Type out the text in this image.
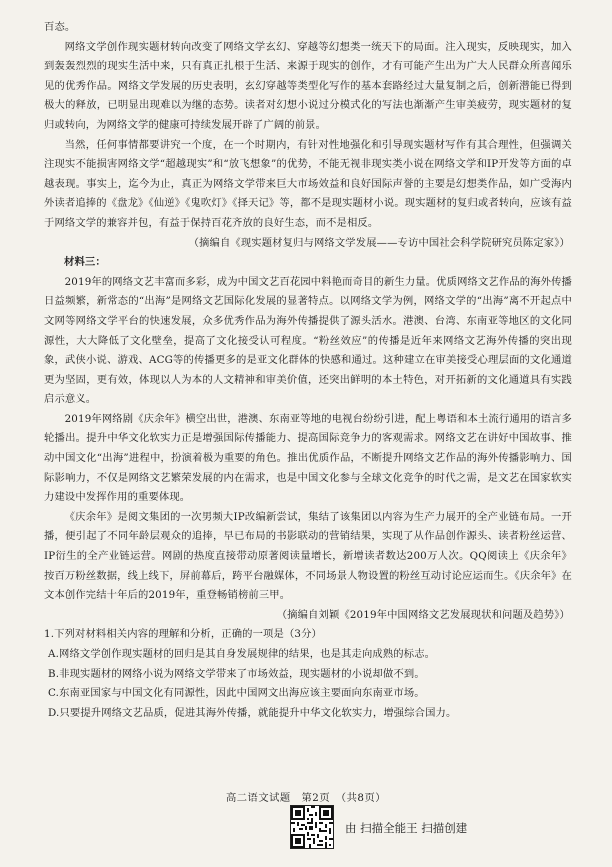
百态。

网络文学创作现实题材转向改变了网络文学玄幻、穿越等幻想类一统天下的局面。注入现实，反映现实，加入到轰轰烈烈的现实生活中来，只有真正扎根于生活、来源于现实的创作，才有可能产生出为广大人民群众所喜闻乐见的优秀作品。网络文学发展的历史表明，玄幻穿越等类型化写作的基本套路经过大量复制之后，创新潜能已得到极大的释放，已明显出现难以为继的态势。读者对幻想小说过分模式化的写法也渐渐产生审美疲劳，现实题材的复归或转向，为网络文学的健康可持续发展开辟了广阔的前景。

当然，任何事情都要讲究一个度，在一个时期内，有针对性地强化和引导现实题材写作有其合理性，但强调关注现实不能损害网络文学“超越现实”和“放飞想象”的优势，不能无视非现实类小说在网络文学和IP开发等方面的卓越表现。事实上，迄今为止，真正为网络文学带来巨大市场效益和良好国际声誉的主要是幻想类作品，如广受海内外读者追捧的《盘龙》《仙逆》《鬼吹灯》《择天记》等，都不是现实题材小说。现实题材的复归或者转向，应该有益于网络文学的兼容并包，有益于保持百花齐放的良好生态，而不是相反。

（摘编自《现实题材复归与网络文学发展——专访中国社会科学院研究员陈定家》）

材料三：

2019年的网络文艺丰富而多彩，成为中国文艺百花园中料艳而奇目的新生力量。优质网络文艺作品的海外传播日益频繁，新常态的“出海”是网络文艺国际化发展的显著特点。以网络文学为例，网络文学的“出海”离不开起点中文网等网络文学平台的快速发展，众多优秀作品为海外传播提供了源头活水。港澳、台湾、东南亚等地区的文化同源性，大大降低了文化壁垒，提高了文化接受认可程度。“粉丝效应”的传播是近年来网络文艺海外传播的突出现象，武侠小说、游戏、ACG等的传播更多的是亚文化群体的快感和通过。这种建立在审美接受心理层面的文化通道更为坚固，更有效，体现以人为本的人文精神和审美价值，还突出鲜明的本土特色，对开拓新的文化通道具有实践启示意义。

2019年网络剧《庆余年》横空出世，港澳、东南亚等地的电视台纷纷引进，配上粤语和本土流行通用的语言多轮播出。提升中华文化软实力正是增强国际传播能力、提高国际竞争力的客观需求。网络文艺在讲好中国故事、推动中国文化“出海”进程中，扮演着极为重要的角色。推出优质作品，不断提升网络文艺作品的海外传播影响力、国际影响力，不仅是网络文艺繁荣发展的内在需求，也是中国文化参与全球文化竞争的时代之需，是文艺在国家软实力建设中发挥作用的重要体现。

《庆余年》是阅文集团的一次男频大IP改编新尝试，集结了该集团以内容为生产力展开的全产业链布局。一开播，便引起了不同年龄层观众的追捧，早已布局的书影联动的营销结果，实现了从作品创作源头、读者粉丝运营、IP衍生的全产业链运营。网剧的热度直接带动原著阅读量增长，新增读者数达200万人次。QQ阅读上《庆余年》按百万粉丝数据，线上线下，屏前幕后，跨平台融媒体，不同场景人物设置的粉丝互动讨论应运而生。《庆余年》在文本创作完结十年后的2019年，重登畅销榜前三甲。

（摘编自刘颖《2019年中国网络文艺发展现状和问题及趋势》）

1.下列对材料相关内容的理解和分析，正确的一项是（3分）

A.网络文学创作现实题材的回归是其自身发展规律的结果，也是其走向成熟的标志。

B.非现实题材的网络小说为网络文学带来了市场效益，现实题材的小说却做不到。

C.东南亚国家与中国文化有同源性，因此中国网文出海应该主要面向东南亚市场。

D.只要提升网络文艺品质，促进其海外传播，就能提升中华文化软实力，增强综合国力。

高二语文试题　第2页　（共8页）
由 扫描全能王 扫描创建
